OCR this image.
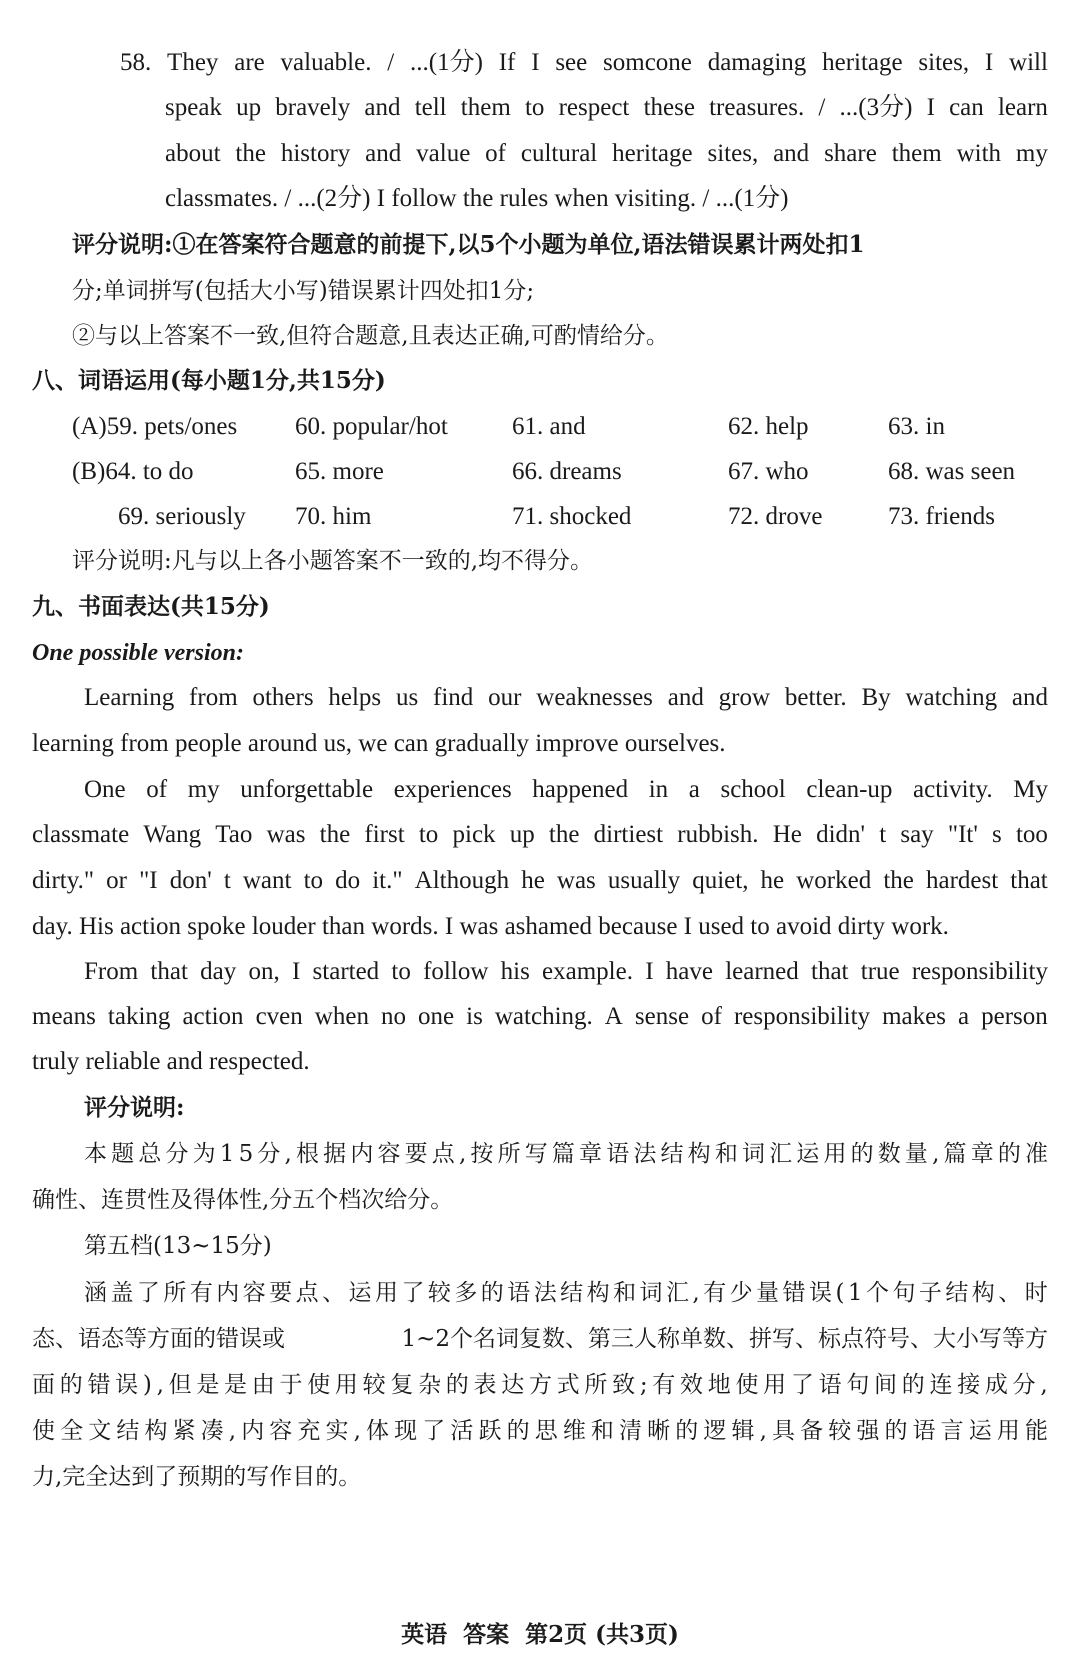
58. They are valuable. / ...(1分) If I see somcone damaging heritage sites, I will
speak up bravely and tell them to respect these treasures. / ...(3分) I can learn
about the history and value of cultural heritage sites, and share them with my
classmates. / ...(2分) I follow the rules when visiting. / ...(1分)
评分说明:①在答案符合题意的前提下,以5个小题为单位,语法错误累计两处扣1
分;单词拼写(包括大小写)错误累计四处扣1分;
②与以上答案不一致,但符合题意,且表达正确,可酌情给分。
八、词语运用(每小题1分,共15分)
(A)59. pets/ones 60. popular/hot	61. and	62. help	63. in
(B)64. to do	65. more	66. dreams	67. who	68. was seen
69. seriously 70. him	71. shocked	72. drove	73. friends
评分说明:凡与以上各小题答案不一致的,均不得分。
九、书面表达(共15分)
One possible version:
Learning from others helps us find our weaknesses and grow better. By watching and
learning from people around us, we can gradually improve ourselves.
One of my unforgettable experiences happened in a school clean-up activity. My
classmate Wang Tao was the first to pick up the dirtiest rubbish. He didn' t say "It' s too
dirty." or "I don' t want to do it." Although he was usually quiet, he worked the hardest that
day. His action spoke louder than words. I was ashamed because I used to avoid dirty work.
From that day on, I started to follow his example. I have learned that true responsibility
means taking action cven when no one is watching. A sense of responsibility makes a person
truly reliable and respected.
评分说明:
本 题 总 分 为 1 5 分 , 根 据 内 容 要 点 , 按 所 写 篇 章 语 法 结 构 和 词 汇 运 用 的 数 量 , 篇 章 的 准
确性、连贯性及得体性,分五个档次给分。
第五档(13~15分)
涵 盖 了 所 有 内 容 要 点 、 运 用 了 较 多 的 语 法 结 构 和 词 汇 , 有 少 量 错 误 ( 1 个 句 子 结 构 、 时
态、语态等方面的错误或	1~2个名词复数、第三人称单数、拼写、标点符号、大小写等方
面 的 错 误 ) , 但 是 是 由 于 使 用 较 复 杂 的 表 达 方 式 所 致 ; 有 效 地 使 用 了 语 句 间 的 连 接 成 分 ,
使 全 文 结 构 紧 凑 , 内 容 充 实 , 体 现 了 活 跃 的 思 维 和 清 晰 的 逻 辑 , 具 备 较 强 的 语 言 运 用 能
力,完全达到了预期的写作目的。
英语  答案  第2页 (共3页)
